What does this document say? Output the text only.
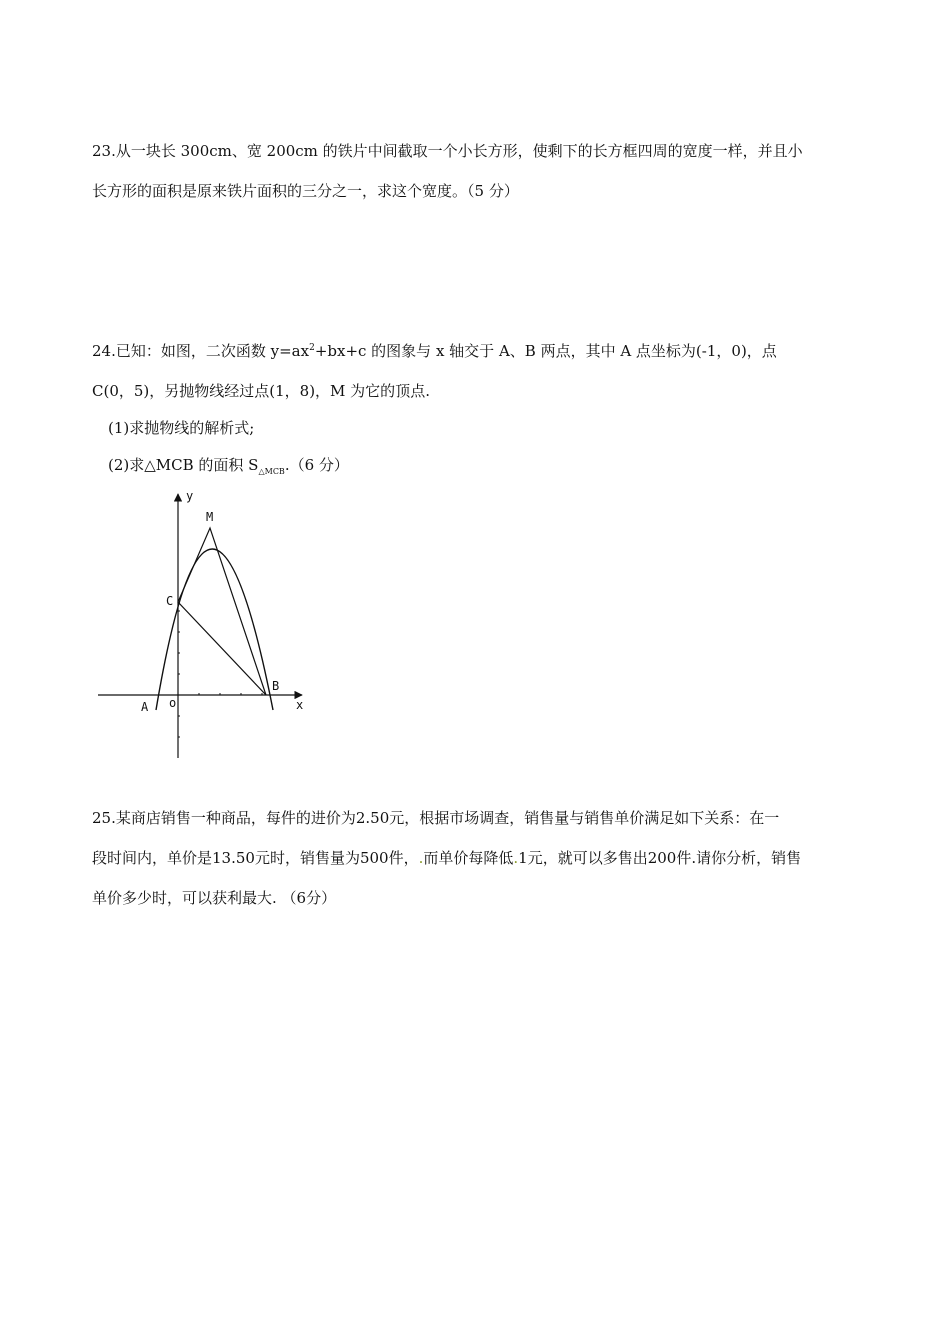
23.从一块长 300cm、宽 200cm 的铁片中间截取一个小长方形，使剩下的长方框四周的宽度一样，并且小
长方形的面积是原来铁片面积的三分之一，求这个宽度。（5 分）
24.已知：如图，二次函数 $y=ax^2+bx+c$ 的图象与 x 轴交于 A、B 两点，其中 A 点坐标为(-1，0)，点
C(0，5)，另抛物线经过点(1，8)，M 为它的顶点.
(1)求抛物线的解析式;
(2)求△MCB 的面积 $S_{\triangle MCB}.(6$ 分）
y
x
o
A
B
C
M
25.某商店销售一种商品，每件的进价为2.50元，根据市场调查，销售量与销售单价满足如下关系：在一
段时间内，单价是13.50元时，销售量为500件，.而单价每降低.1元，就可以多售出200件.请你分析，销售
单价多少时，可以获利最大. （6分）
